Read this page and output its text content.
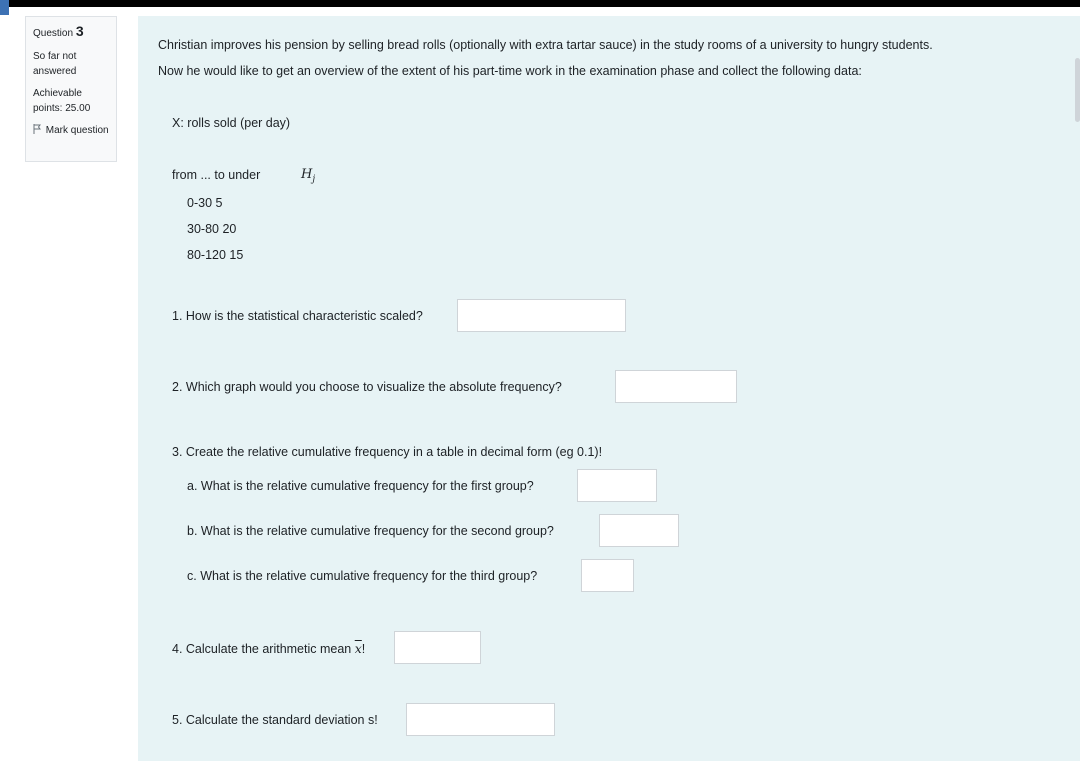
Question 3
So far not answered
Achievable points: 25.00
Mark question
Christian improves his pension by selling bread rolls (optionally with extra tartar sauce) in the study rooms of a university to hungry students.
Now he would like to get an overview of the extent of his part-time work in the examination phase and collect the following data:
X: rolls sold (per day)
from ... to under	$H_j$
0-30 5
30-80 20
80-120 15
1. How is the statistical characteristic scaled?
2. Which graph would you choose to visualize the absolute frequency?
3. Create the relative cumulative frequency in a table in decimal form (eg 0.1)!
a. What is the relative cumulative frequency for the first group?
b. What is the relative cumulative frequency for the second group?
c. What is the relative cumulative frequency for the third group?
4. Calculate the arithmetic mean $\overline{x}$!
5. Calculate the standard deviation s!
